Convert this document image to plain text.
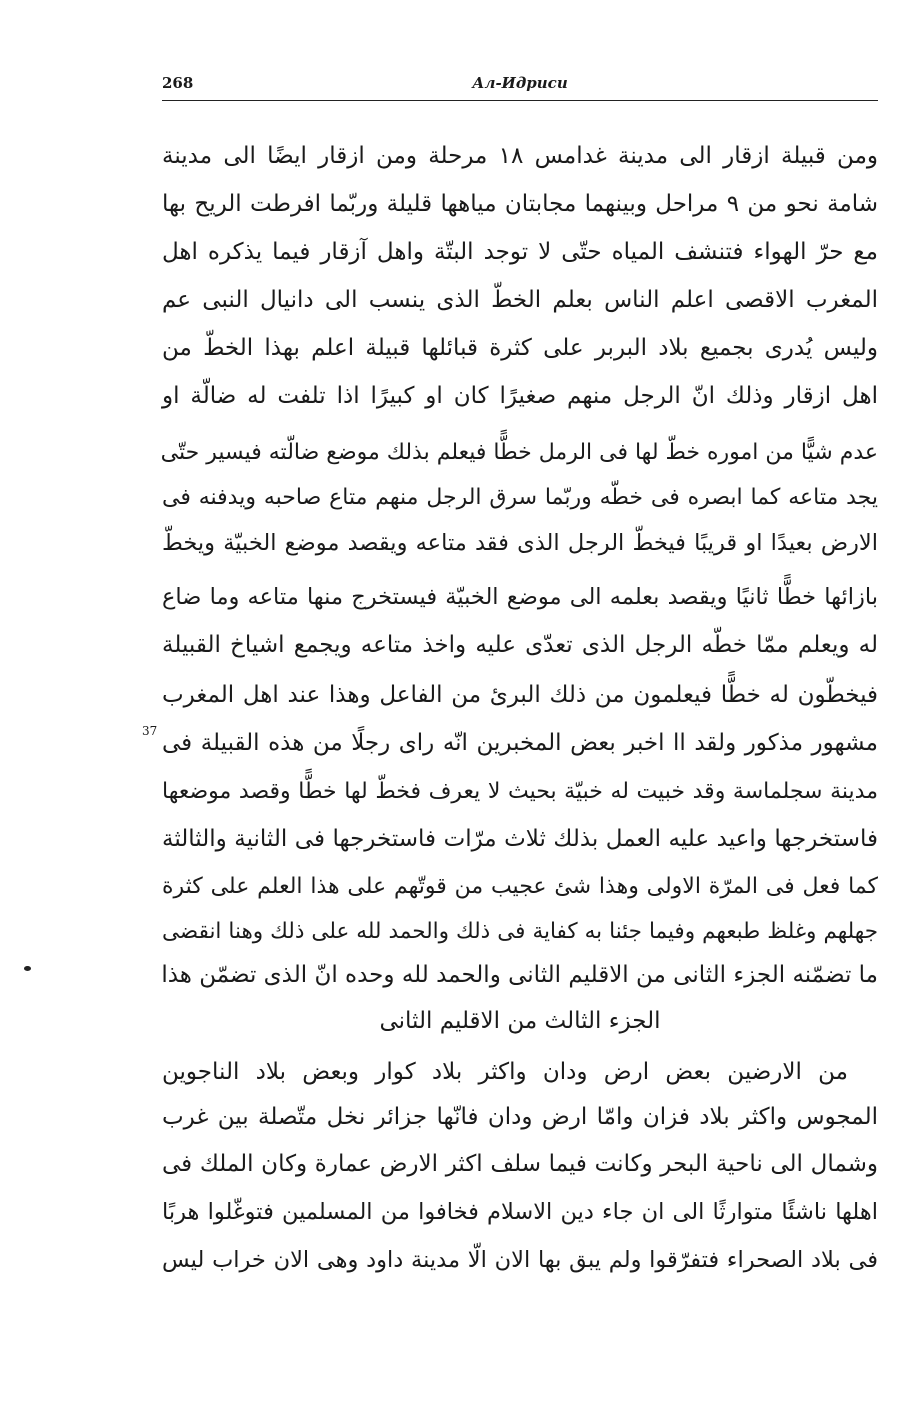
268	Ал-Идриси
ومن قبيلة ازقار الى مدينة غدامس ١٨ مرحلة ومن ازقار ايضًا الى مدينة
شامة نحو من ٩ مراحل وبينهما مجابتان مياهها قليلة وربّما افرطت الريح بها
مع حرّ الهواء فتنشف المياه حتّى لا توجد البتّة واهل آزقار فيما يذكره اهل
المغرب الاقصى اعلم الناس بعلم الخطّ الذى ينسب الى دانيال النبى عم
وليس يُدرى بجميع بلاد البربر على كثرة قبائلها قبيلة اعلم بهذا الخطّ من
اهل ازقار وذلك انّ الرجل منهم صغيرًا كان او كبيرًا اذا تلفت له ضالّة او
عدم شيًّا من اموره خطّ لها فى الرمل خطًّا فيعلم بذلك موضع ضالّته فيسير حتّى
يجد متاعه كما ابصره فى خطّه وربّما سرق الرجل منهم متاع صاحبه ويدفنه فى
الارض بعيدًا او قريبًا فيخطّ الرجل الذى فقد متاعه ويقصد موضع الخبيّة ويخطّ
بازائها خطًّا ثانيًا ويقصد بعلمه الى موضع الخبيّة فيستخرج منها متاعه وما ضاع
له ويعلم ممّا خطّه الرجل الذى تعدّى عليه واخذ متاعه ويجمع اشياخ القبيلة
فيخطّون له خطًّا فيعلمون من ذلك البرئ من الفاعل وهذا عند اهل المغرب
مشهور مذكور ولقد اا اخبر بعض المخبرين انّه راى رجلًا من هذه القبيلة فى
مدينة سجلماسة وقد خبيت له خبيّة بحيث لا يعرف فخطّ لها خطًّا وقصد موضعها
فاستخرجها واعيد عليه العمل بذلك ثلاث مرّات فاستخرجها فى الثانية والثالثة
كما فعل فى المرّة الاولى وهذا شئ عجيب من قوتّهم على هذا العلم على كثرة
جهلهم وغلظ طبعهم وفيما جئنا به كفاية فى ذلك والحمد لله على ذلك وهنا انقضى
ما تضمّنه الجزء الثانى من الاقليم الثانى والحمد لله وحده انّ الذى تضمّن هذا
37
الجزء الثالث من الاقليم الثانى
من الارضين بعض ارض ودان واكثر بلاد كوار وبعض بلاد الناجوين
المجوس واكثر بلاد فزان وامّا ارض ودان فانّها جزائر نخل متّصلة بين غرب
وشمال الى ناحية البحر وكانت فيما سلف اكثر الارض عمارة وكان الملك فى
اهلها ناشئًا متوارثًا الى ان جاء دين الاسلام فخافوا من المسلمين فتوغّلوا هربًا
فى بلاد الصحراء فتفرّقوا ولم يبق بها الان الّا مدينة داود وهى الان خراب ليس
